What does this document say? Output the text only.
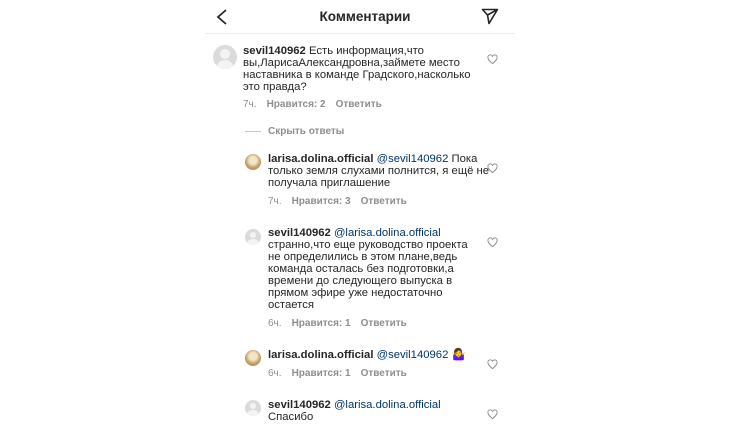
Комментарии
sevil140962 Есть информация,что вы,ЛарисаАлександровна,займете место наставника в команде Градского,насколько это правда?
7ч. Нравится: 2 Ответить
Скрыть ответы
larisa.dolina.official @sevil140962 Пока только земля слухами полнится, я ещё не получала приглашение
7ч. Нравится: 3 Ответить
sevil140962 @larisa.dolina.official странно,что еще руководство проекта не определились в этом плане,ведь команда осталась без подготовки,а времени до следующего выпуска в прямом эфире уже недостаточно остается
6ч. Нравится: 1 Ответить
larisa.dolina.official @sevil140962 🤷‍♀️
6ч. Нравится: 1 Ответить
sevil140962 @larisa.dolina.official Спасибо
